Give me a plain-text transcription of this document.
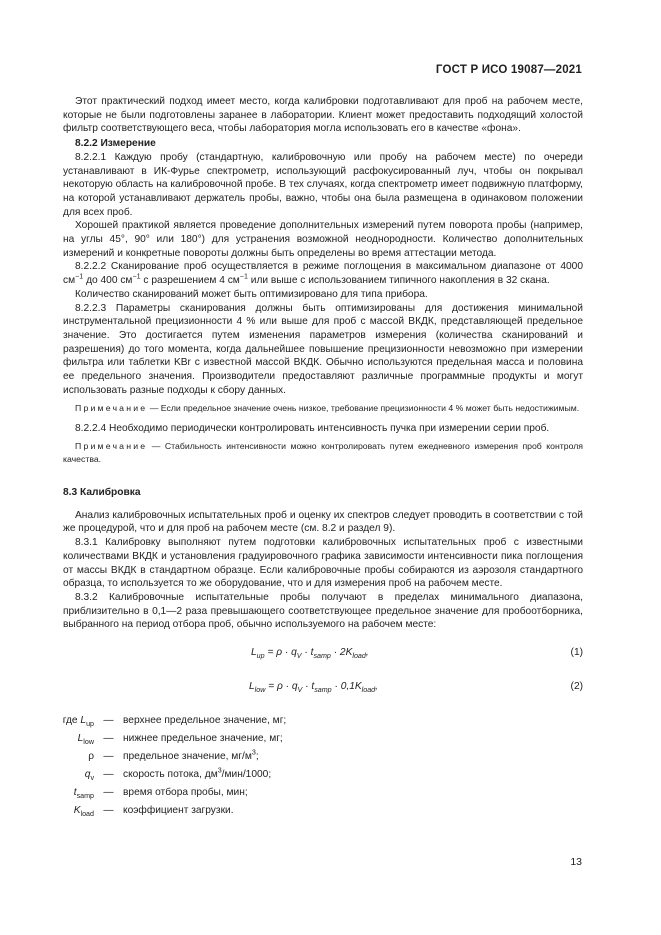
ГОСТ Р ИСО 19087—2021

Этот практический подход имеет место, когда калибровки подготавливают для проб на рабочем месте, которые не были подготовлены заранее в лаборатории. Клиент может предоставить подходящий холостой фильтр соответствующего веса, чтобы лаборатория могла использовать его в качестве «фона».

8.2.2 Измерение

8.2.2.1 Каждую пробу (стандартную, калибровочную или пробу на рабочем месте) по очереди устанавливают в ИК-Фурье спектрометр, использующий расфокусированный луч, чтобы он покрывал некоторую область на калибровочной пробе. В тех случаях, когда спектрометр имеет подвижную платформу, на которой устанавливают держатель пробы, важно, чтобы она была размещена в одинаковом положении для всех проб.

Хорошей практикой является проведение дополнительных измерений путем поворота пробы (например, на углы 45°, 90° или 180°) для устранения возможной неоднородности. Количество дополнительных измерений и конкретные повороты должны быть определены во время аттестации метода.

8.2.2.2 Сканирование проб осуществляется в режиме поглощения в максимальном диапазоне от 4000 $см^{-1}$ до 400 $см^{-1}$ с разрешением 4 $см^{-1}$ или выше с использованием типичного накопления в 32 скана.

Количество сканирований может быть оптимизировано для типа прибора.

8.2.2.3 Параметры сканирования должны быть оптимизированы для достижения минимальной инструментальной прецизионности 4 % или выше для проб с массой ВКДК, представляющей предельное значение. Это достигается путем изменения параметров измерения (количества сканирований и разрешения) до того момента, когда дальнейшее повышение прецизионности невозможно при измерении фильтра или таблетки KBr с известной массой ВКДК. Обычно используются предельная масса и половина ее предельного значения. Производители предоставляют различные программные продукты и могут использовать разные подходы к сбору данных.

Примечание — Если предельное значение очень низкое, требование прецизионности 4 % может быть недостижимым.

8.2.2.4 Необходимо периодически контролировать интенсивность пучка при измерении серии проб.

Примечание — Стабильность интенсивности можно контролировать путем ежедневного измерения проб контроля качества.

8.3 Калибровка

Анализ калибровочных испытательных проб и оценку их спектров следует проводить в соответствии с той же процедурой, что и для проб на рабочем месте (см. 8.2 и раздел 9).

8.3.1 Калибровку выполняют путем подготовки калибровочных испытательных проб с известными количествами ВКДК и установления градуировочного графика зависимости интенсивности пика поглощения от массы ВКДК в стандартном образце. Если калибровочные пробы собираются из аэрозоля стандартного образца, то используется то же оборудование, что и для измерения проб на рабочем месте.

8.3.2 Калибровочные испытательные пробы получают в пределах минимального диапазона, приблизительно в 0,1—2 раза превышающего соответствующее предельное значение для пробоотборника, выбранного на период отбора проб, обычно используемого на рабочем месте:

$L_{up} = \rho \cdot q_V \cdot t_{samp} \cdot 2K_{load}$,	(1)
$L_{low} = \rho \cdot q_V \cdot t_{samp} \cdot 0,1K_{load}$,	(2)
где $L_{up}$ — верхнее предельное значение, мг;
$L_{low}$ — нижнее предельное значение, мг;
ρ — предельное значение, $мг/м^3$;
$q_v$ — скорость потока, $дм^3/мин/1000$;
$t_{samp}$ — время отбора пробы, мин;
$K_{load}$ — коэффициент загрузки.
13
